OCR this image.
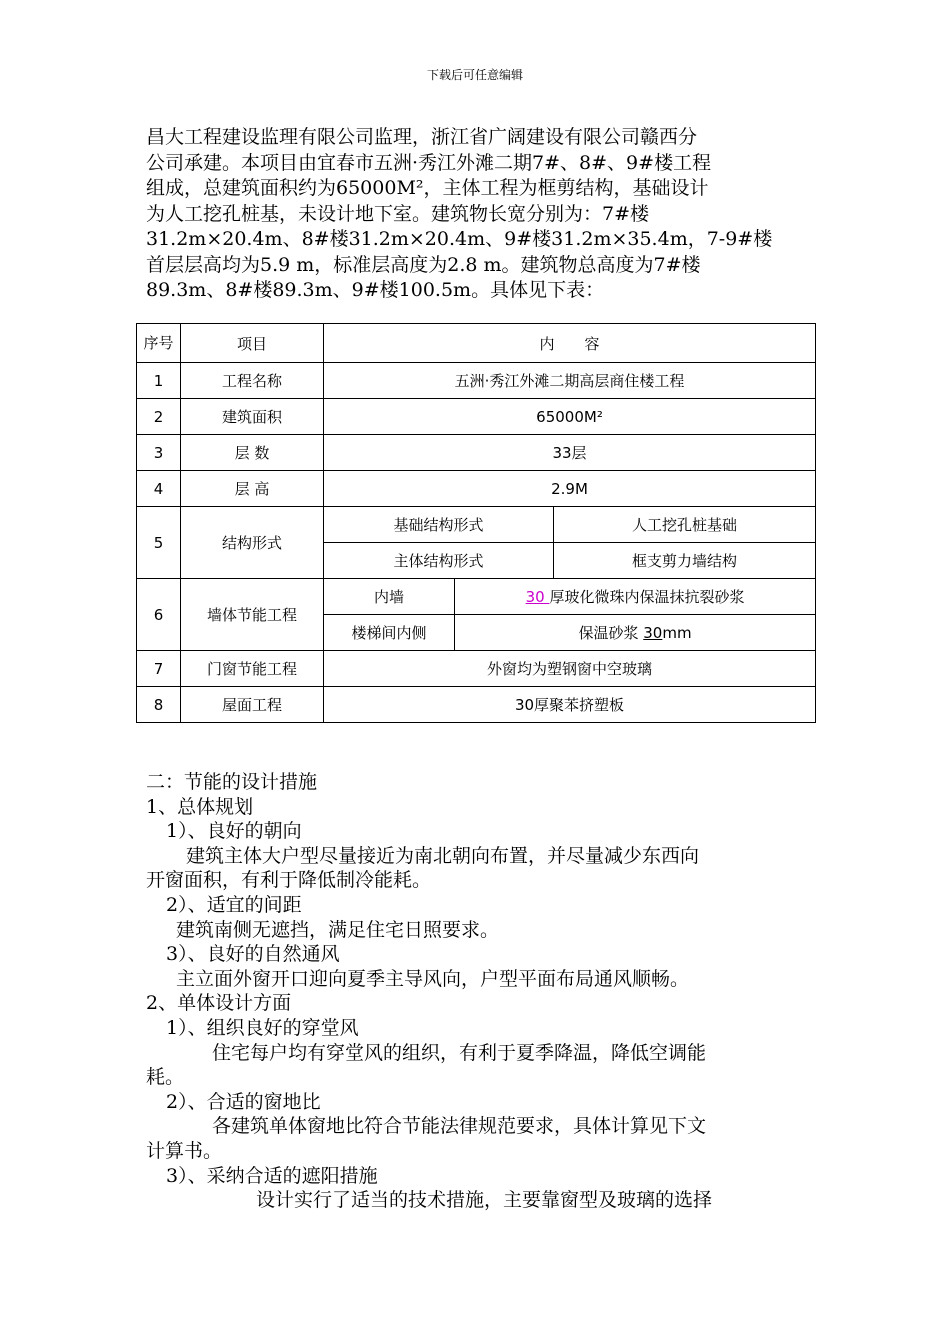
下载后可任意编辑

昌大工程建设监理有限公司监理，浙江省广阔建设有限公司赣西分

公司承建。本项目由宜春市五洲·秀江外滩二期7#、8#、9#楼工程

组成，总建筑面积约为65000M²，主体工程为框剪结构，基础设计

为人工挖孔桩基，未设计地下室。建筑物长宽分别为：7#楼

31.2m×20.4m、8#楼31.2m×20.4m、9#楼31.2m×35.4m，7-9#楼

首层层高均为5.9 m，标准层高度为2.8 m。建筑物总高度为7#楼

89.3m、8#楼89.3m、9#楼100.5m。具体见下表：

序号	项目	内　　容		
1	工程名称	五洲·秀江外滩二期高层商住楼工程		
2	建筑面积	65000M²		
3	层 数	33层		
4	层 高	2.9M		
5	结构形式	基础结构形式		人工挖孔桩基础
		主体结构形式		框支剪力墙结构
6	墙体节能工程	内墙	30 厚玻化微珠内保温抹抗裂砂浆	
		楼梯间内侧	保温砂浆 30mm	
7	门窗节能工程	外窗均为塑钢窗中空玻璃		
8	屋面工程	30厚聚苯挤塑板		
二：节能的设计措施
1、总体规划
1）、良好的朝向
建筑主体大户型尽量接近为南北朝向布置，并尽量减少东西向
开窗面积，有利于降低制冷能耗。
2）、适宜的间距
建筑南侧无遮挡，满足住宅日照要求。
3）、良好的自然通风
主立面外窗开口迎向夏季主导风向，户型平面布局通风顺畅。
2、单体设计方面
1）、组织良好的穿堂风
住宅每户均有穿堂风的组织，有利于夏季降温，降低空调能
耗。
2）、合适的窗地比
各建筑单体窗地比符合节能法律规范要求，具体计算见下文
计算书。
3）、采纳合适的遮阳措施
设计实行了适当的技术措施，主要靠窗型及玻璃的选择
